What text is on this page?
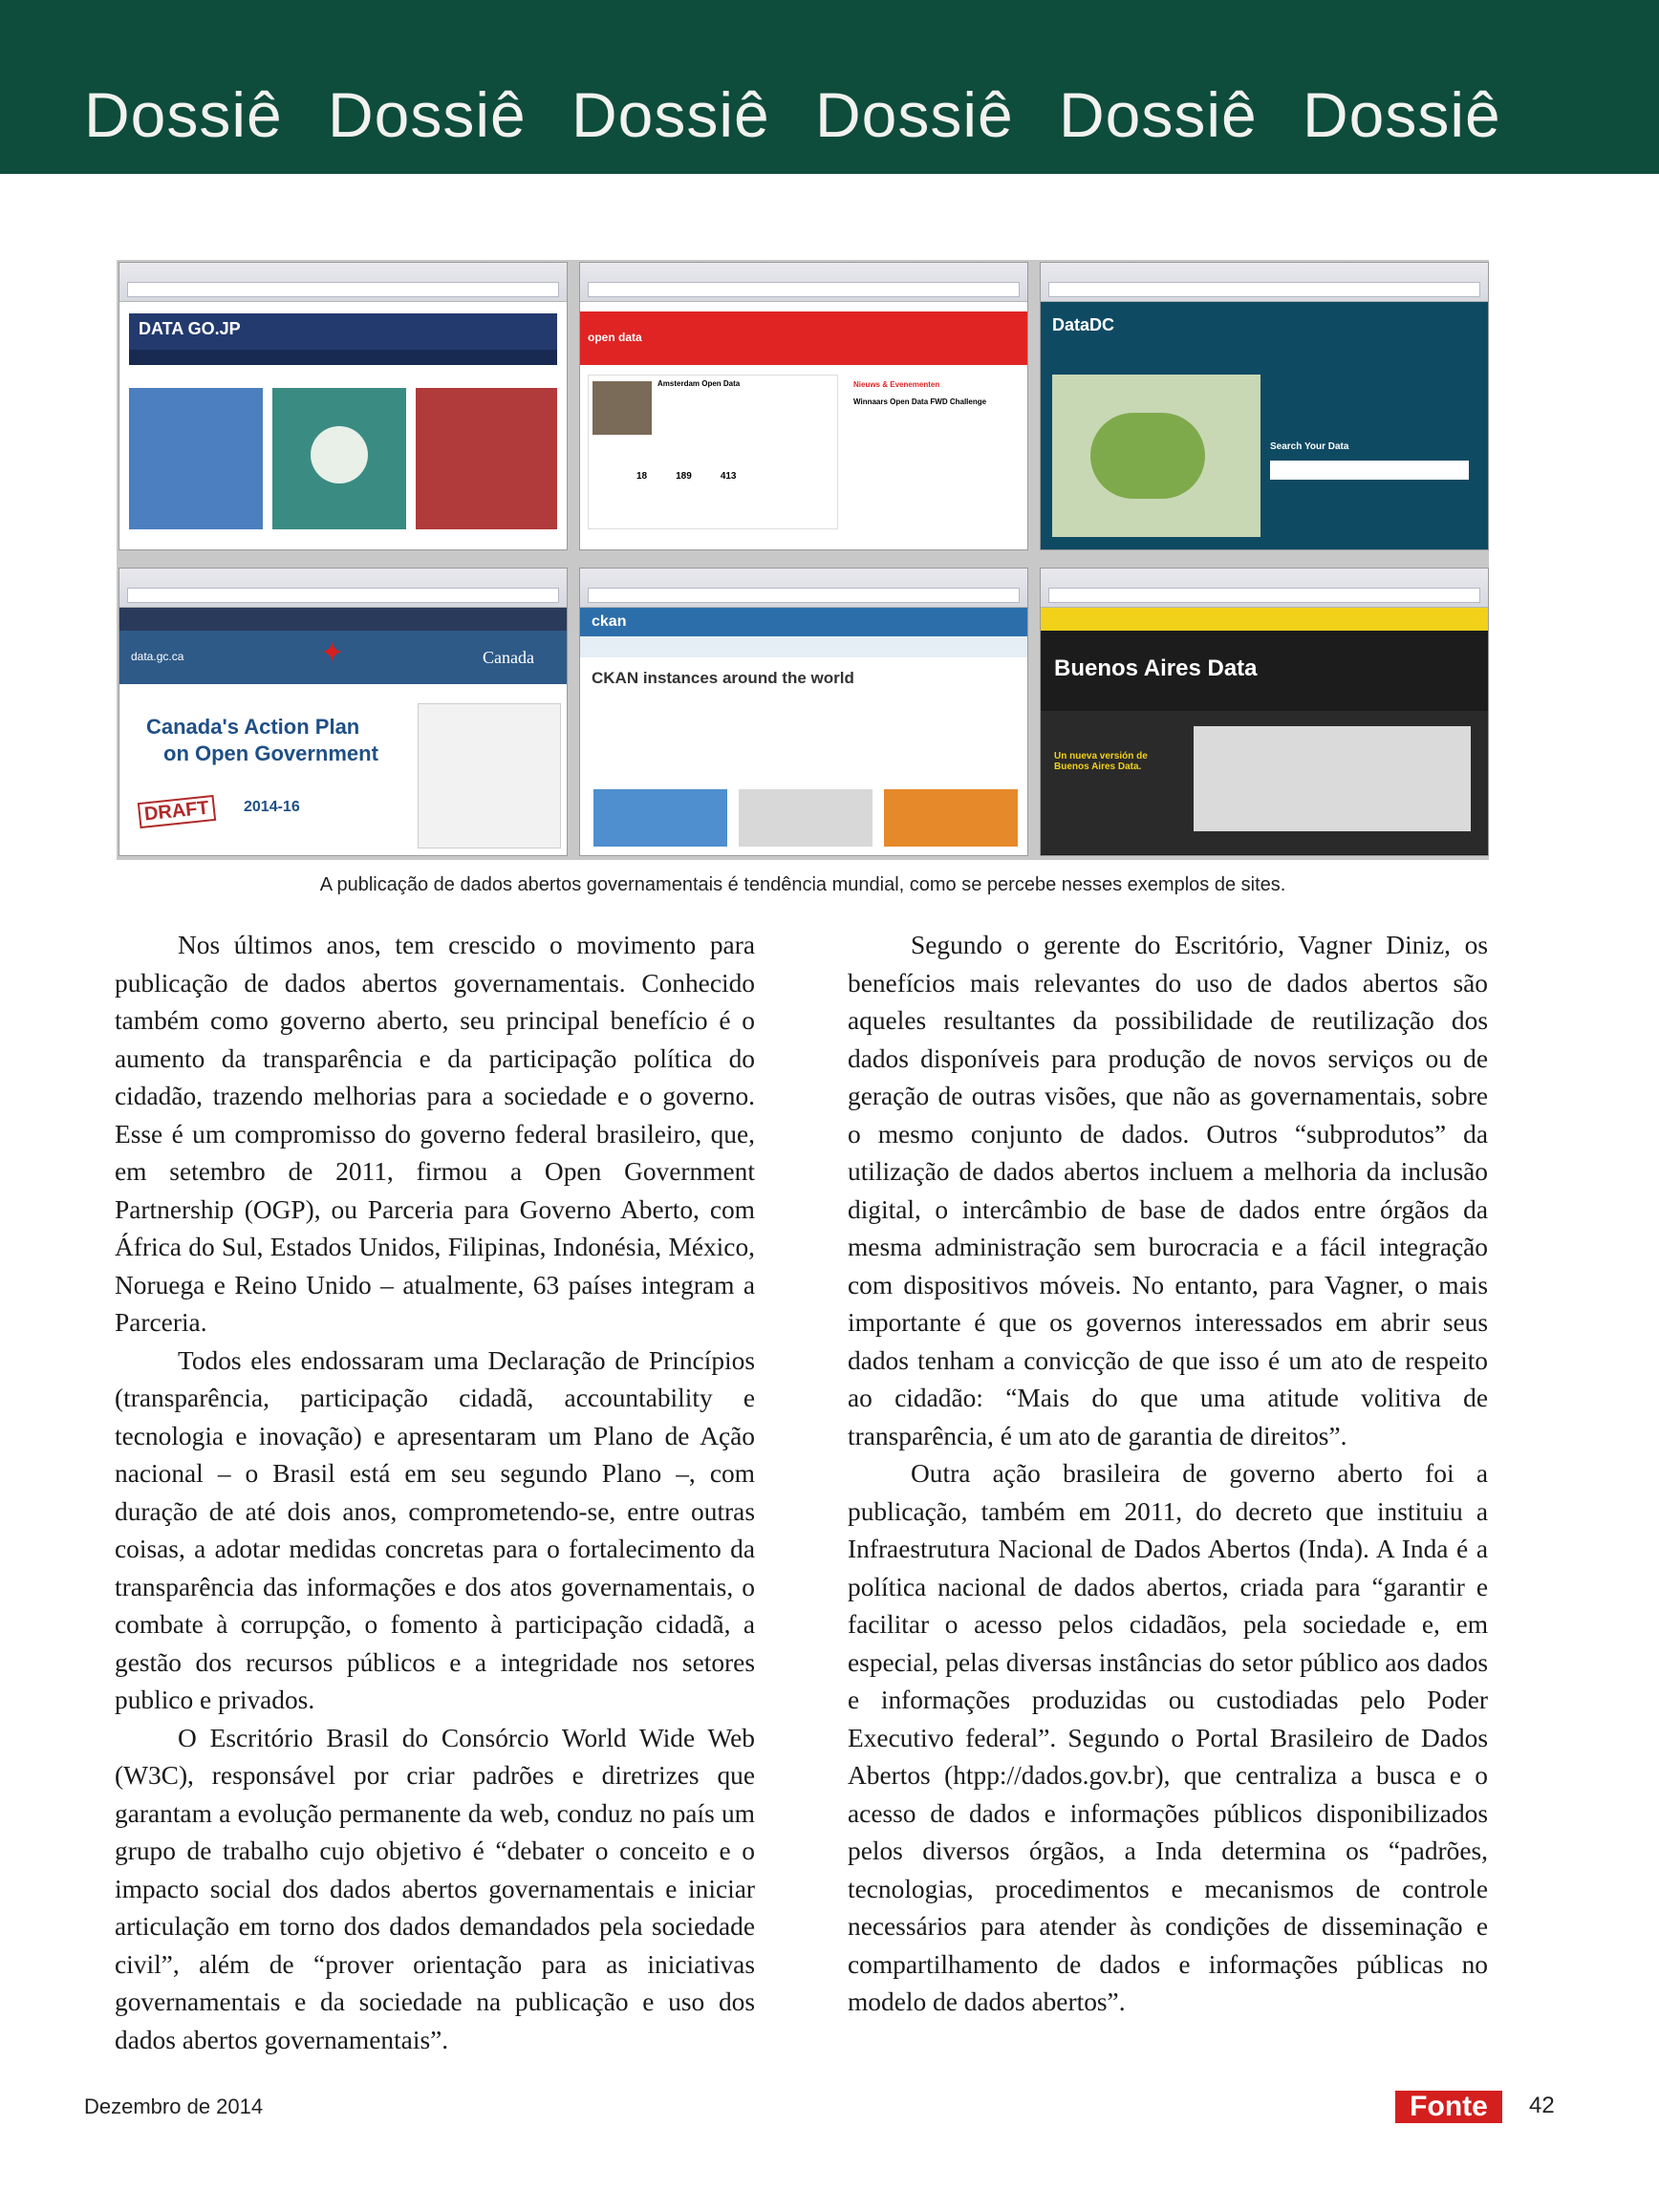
Dossiê Dossiê Dossiê Dossiê Dossiê Dossiê
DATA GO.JP	open data
Amsterdam Open Data
18	189	413
Nieuws & Evenementen
Winnaars Open Data FWD Challenge
DataDC
Search Your Data
data.gc.ca	✦	Canada
Canada's Action Plan
on Open Government
DRAFT	2014-16
ckan
CKAN instances around the world	Buenos Aires Data
Un nueva versión de Buenos Aires Data.
A publicação de dados abertos governamentais é tendência mundial, como se percebe nesses exemplos de sites.

Nos últimos anos, tem crescido o movimento para publicação de dados abertos governamentais. Conhecido também como governo aberto, seu principal benefício é o aumento da transparência e da participação política do cidadão, trazendo melhorias para a sociedade e o governo. Esse é um compromisso do governo federal brasileiro, que, em setembro de 2011, firmou a Open Government Partnership (OGP), ou Parceria para Governo Aberto, com África do Sul, Estados Unidos, Filipinas, Indonésia, México, Noruega e Reino Unido – atualmente, 63 países integram a Parceria.

Todos eles endossaram uma Declaração de Princípios (transparência, participação cidadã, accountability e tecnologia e inovação) e apresentaram um Plano de Ação nacional – o Brasil está em seu segundo Plano –, com duração de até dois anos, comprometendo-se, entre outras coisas, a adotar medidas concretas para o fortalecimento da transparência das informações e dos atos governamentais, o combate à corrupção, o fomento à participação cidadã, a gestão dos recursos públicos e a integridade nos setores publico e privados.

O Escritório Brasil do Consórcio World Wide Web (W3C), responsável por criar padrões e diretrizes que garantam a evolução permanente da web, conduz no país um grupo de trabalho cujo objetivo é “debater o conceito e o impacto social dos dados abertos governamentais e iniciar articulação em torno dos dados demandados pela sociedade civil”, além de “prover orientação para as iniciativas governamentais e da sociedade na publicação e uso dos dados abertos governamentais”.

Segundo o gerente do Escritório, Vagner Diniz, os benefícios mais relevantes do uso de dados abertos são aqueles resultantes da possibilidade de reutilização dos dados disponíveis para produção de novos serviços ou de geração de outras visões, que não as governamentais, sobre o mesmo conjunto de dados. Outros “subprodutos” da utilização de dados abertos incluem a melhoria da inclusão digital, o intercâmbio de base de dados entre órgãos da mesma administração sem burocracia e a fácil integração com dispositivos móveis. No entanto, para Vagner, o mais importante é que os governos interessados em abrir seus dados tenham a convicção de que isso é um ato de respeito ao cidadão: “Mais do que uma atitude volitiva de transparência, é um ato de garantia de direitos”.

Outra ação brasileira de governo aberto foi a publicação, também em 2011, do decreto que instituiu a Infraestrutura Nacional de Dados Abertos (Inda). A Inda é a política nacional de dados abertos, criada para “garantir e facilitar o acesso pelos cidadãos, pela sociedade e, em especial, pelas diversas instâncias do setor público aos dados e informações produzidas ou custodiadas pelo Poder Executivo federal”. Segundo o Portal Brasileiro de Dados Abertos (htpp://dados.gov.br), que centraliza a busca e o acesso de dados e informações públicos disponibilizados pelos diversos órgãos, a Inda determina os “padrões, tecnologias, procedimentos e mecanismos de controle necessários para atender às condições de disseminação e compartilhamento de dados e informações públicas no modelo de dados abertos”.

Dezembro de 2014	Fonte	42
